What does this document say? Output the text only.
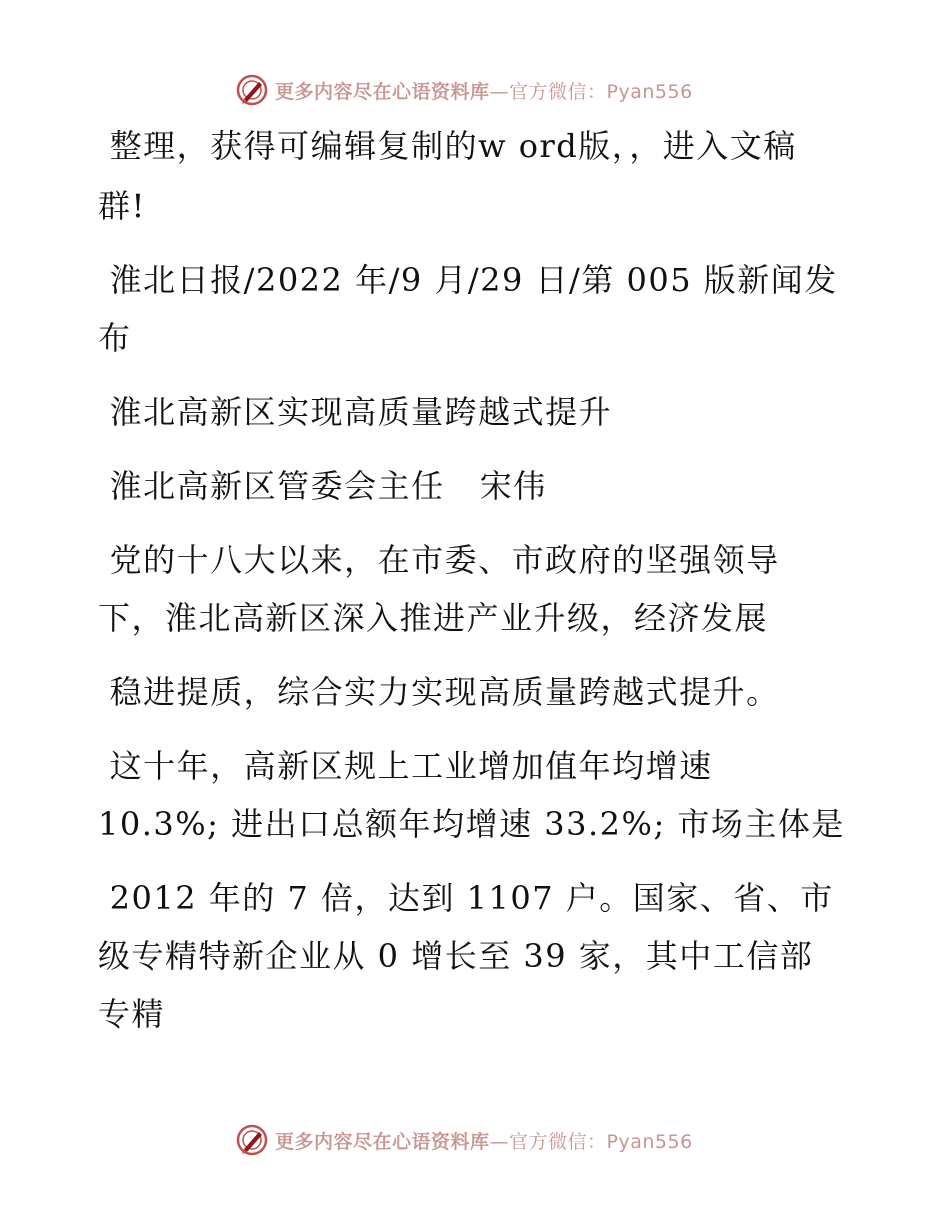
更多内容尽在心语资料库—官方微信：Pyan556
整理，获得可编辑复制的w ord版，，进入文稿
群!
淮北日报/2022 年/9 月/29 日/第 005 版新闻发
布
淮北高新区实现高质量跨越式提升
淮北高新区管委会主任   宋伟
党的十八大以来，在市委、市政府的坚强领导
下，淮北高新区深入推进产业升级，经济发展
稳进提质，综合实力实现高质量跨越式提升。
这十年，高新区规上工业增加值年均增速
10.3%; 进出口总额年均增速 33.2%; 市场主体是
2012 年的 7 倍，达到 1107 户。国家、省、市
级专精特新企业从 0 增长至 39 家，其中工信部
专精
更多内容尽在心语资料库—官方微信：Pyan556
